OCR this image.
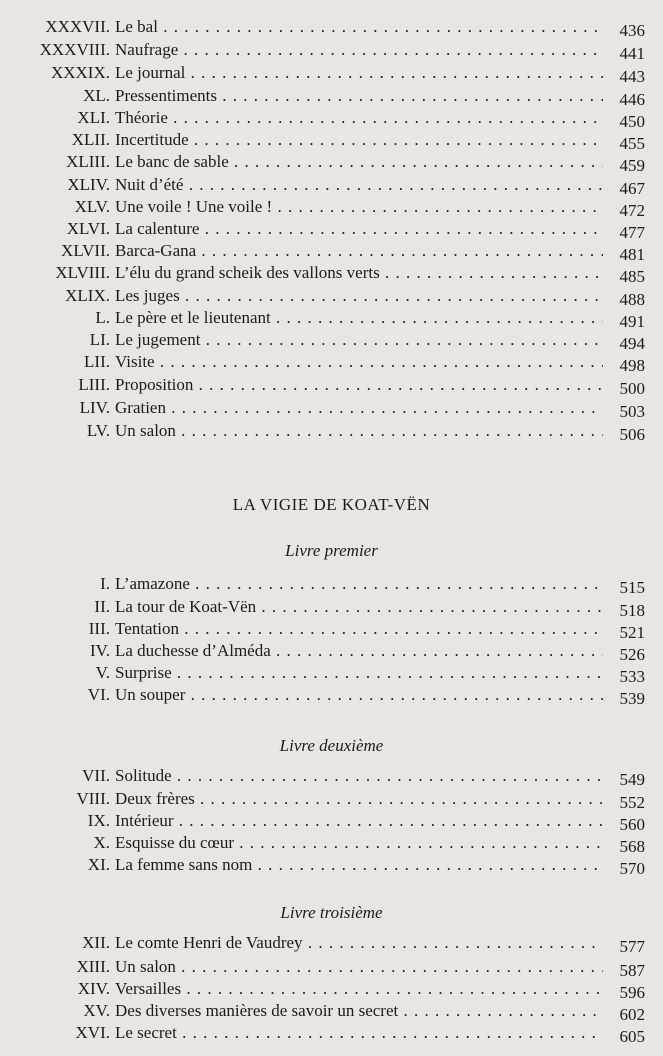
XXXVII. Le bal . . .	436
XXXVIII. Naufrage . . .	441
XXXIX. Le journal . . .	443
XL. Pressentiments . . .	446
XLI. Théorie . . .	450
XLII. Incertitude . . .	455
XLIII. Le banc de sable . . .	459
XLIV. Nuit d’été . . .	467
XLV. Une voile ! Une voile ! . . .	472
XLVI. La calenture . . .	477
XLVII. Barca-Gana . . .	481
XLVIII. L’élu du grand scheik des vallons verts . . .	485
XLIX. Les juges . . .	488
L. Le père et le lieutenant . . .	491
LI. Le jugement . . .	494
LII. Visite . . .	498
LIII. Proposition . . .	500
LIV. Gratien . . .	503
LV. Un salon . . .	506
LA VIGIE DE KOAT-VËN
Livre premier
I. L’amazone . . .	515
II. La tour de Koat-Vën . . .	518
III. Tentation . . .	521
IV. La duchesse d’Alméda . . .	526
V. Surprise . . .	533
VI. Un souper . . .	539
Livre deuxième
VII. Solitude . . .	549
VIII. Deux frères . . .	552
IX. Intérieur . . .	560
X. Esquisse du cœur . . .	568
XI. La femme sans nom . . .	570
Livre troisième
XII. Le comte Henri de Vaudrey . . .	577
XIII. Un salon . . .	587
XIV. Versailles . . .	596
XV. Des diverses manières de savoir un secret . . .	602
XVI. Le secret . . .	605
